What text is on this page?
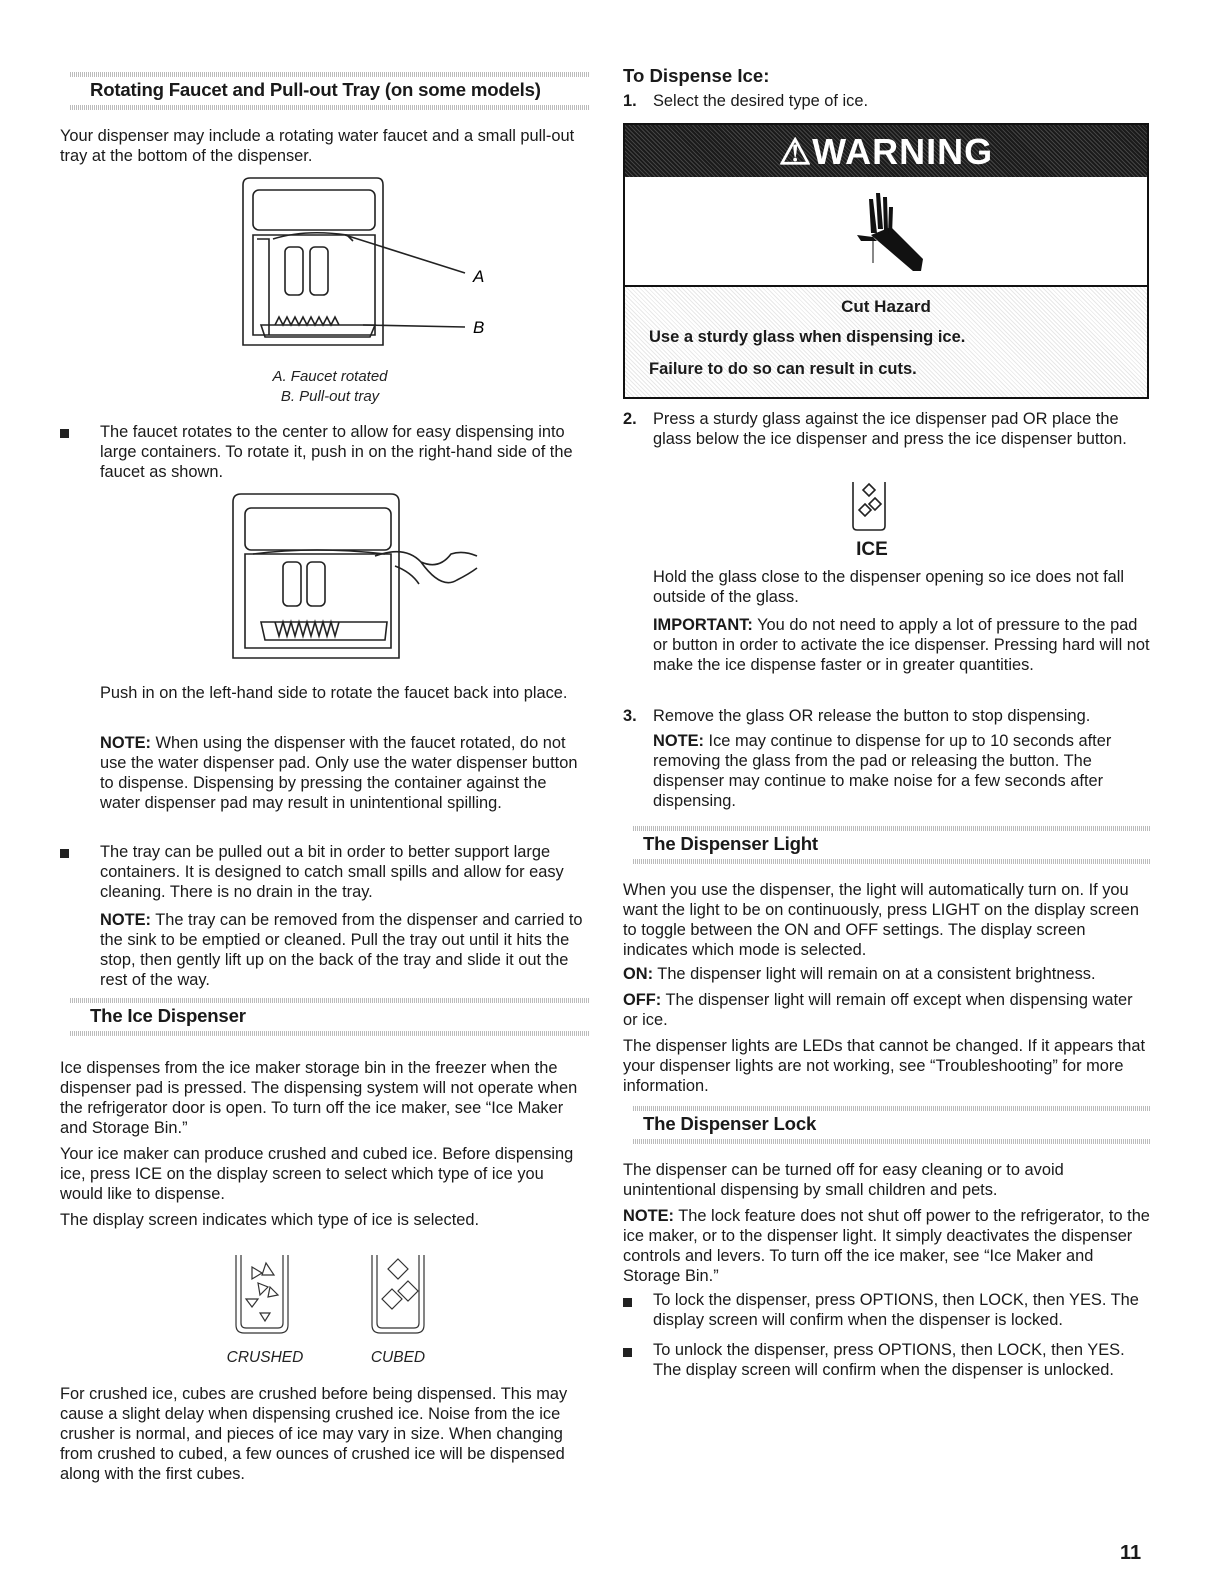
Rotating Faucet and Pull-out Tray (on some models)

Your dispenser may include a rotating water faucet and a small pull-out tray at the bottom of the dispenser.

A
B

A. Faucet rotated

B. Pull-out tray

The faucet rotates to the center to allow for easy dispensing into large containers. To rotate it, push in on the right-hand side of the faucet as shown.

Push in on the left-hand side to rotate the faucet back into place.

NOTE: When using the dispenser with the faucet rotated, do not use the water dispenser pad. Only use the water dispenser button to dispense. Dispensing by pressing the container against the water dispenser pad may result in unintentional spilling.

The tray can be pulled out a bit in order to better support large containers. It is designed to catch small spills and allow for easy cleaning. There is no drain in the tray.

NOTE: The tray can be removed from the dispenser and carried to the sink to be emptied or cleaned. Pull the tray out until it hits the stop, then gently lift up on the back of the tray and slide it out the rest of the way.

The Ice Dispenser

Ice dispenses from the ice maker storage bin in the freezer when the dispenser pad is pressed. The dispensing system will not operate when the refrigerator door is open. To turn off the ice maker, see “Ice Maker and Storage Bin.”

Your ice maker can produce crushed and cubed ice. Before dispensing ice, press ICE on the display screen to select which type of ice you would like to dispense.

The display screen indicates which type of ice is selected.

CRUSHED	CUBED

For crushed ice, cubes are crushed before being dispensed. This may cause a slight delay when dispensing crushed ice. Noise from the ice crusher is normal, and pieces of ice may vary in size. When changing from crushed to cubed, a few ounces of crushed ice will be dispensed along with the first cubes.

To Dispense Ice:

1. Select the desired type of ice.

⚠WARNING
Cut Hazard
Use a sturdy glass when dispensing ice.
Failure to do so can result in cuts.
2. Press a sturdy glass against the ice dispenser pad OR place the glass below the ice dispenser and press the ice dispenser button.

ICE

Hold the glass close to the dispenser opening so ice does not fall outside of the glass.

IMPORTANT: You do not need to apply a lot of pressure to the pad or button in order to activate the ice dispenser. Pressing hard will not make the ice dispense faster or in greater quantities.

3. Remove the glass OR release the button to stop dispensing.

NOTE: Ice may continue to dispense for up to 10 seconds after removing the glass from the pad or releasing the button. The dispenser may continue to make noise for a few seconds after dispensing.

The Dispenser Light

When you use the dispenser, the light will automatically turn on. If you want the light to be on continuously, press LIGHT on the display screen to toggle between the ON and OFF settings. The display screen indicates which mode is selected.

ON: The dispenser light will remain on at a consistent brightness.

OFF: The dispenser light will remain off except when dispensing water or ice.

The dispenser lights are LEDs that cannot be changed. If it appears that your dispenser lights are not working, see “Troubleshooting” for more information.

The Dispenser Lock

The dispenser can be turned off for easy cleaning or to avoid unintentional dispensing by small children and pets.

NOTE: The lock feature does not shut off power to the refrigerator, to the ice maker, or to the dispenser light. It simply deactivates the dispenser controls and levers. To turn off the ice maker, see “Ice Maker and Storage Bin.”

To lock the dispenser, press OPTIONS, then LOCK, then YES. The display screen will confirm when the dispenser is locked.

To unlock the dispenser, press OPTIONS, then LOCK, then YES. The display screen will confirm when the dispenser is unlocked.

11
